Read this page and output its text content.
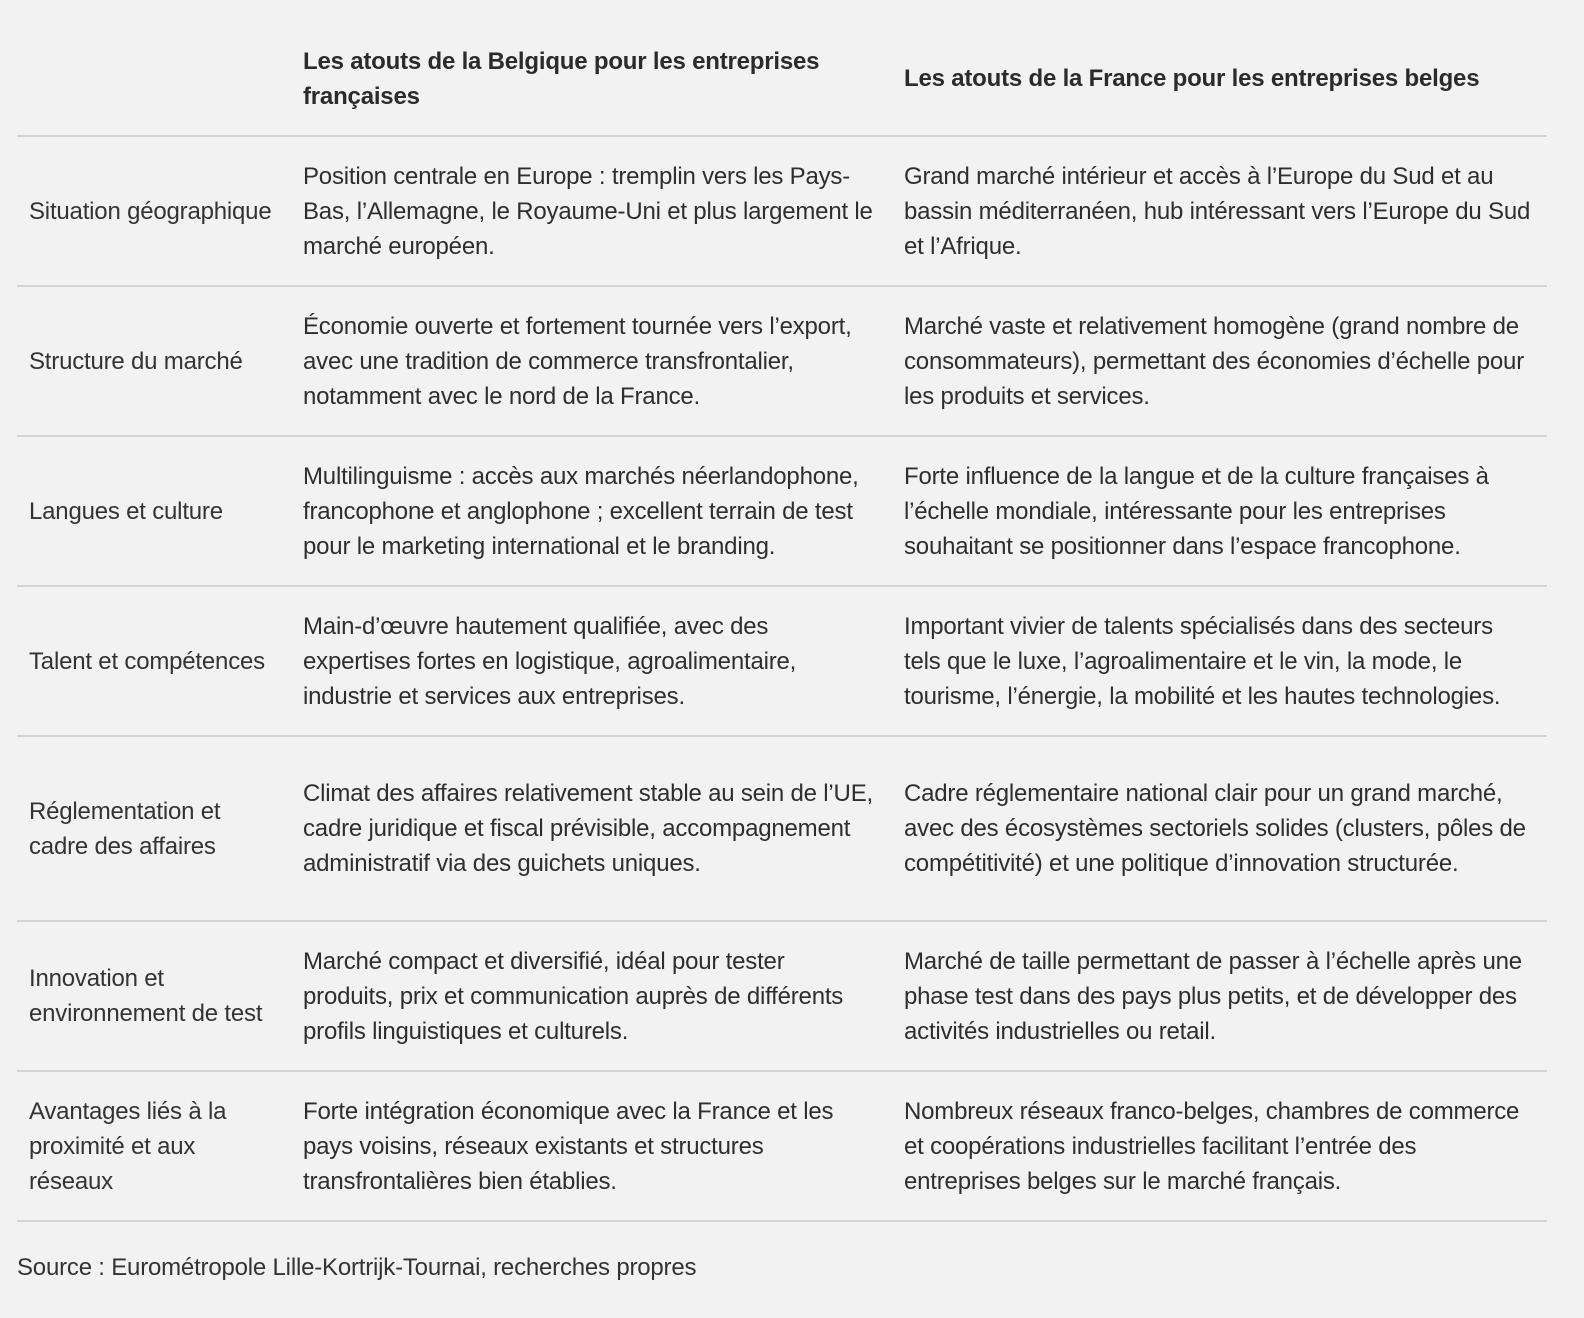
	Les atouts de la Belgique pour les entreprises françaises	Les atouts de la France pour les entreprises belges
Situation géographique	Position centrale en Europe : tremplin vers les Pays-Bas, l’Allemagne, le Royaume-Uni et plus largement le marché européen.	Grand marché intérieur et accès à l’Europe du Sud et au bassin méditerranéen, hub intéressant vers l’Europe du Sud et l’Afrique.
Structure du marché	Économie ouverte et fortement tournée vers l’export, avec une tradition de commerce transfrontalier, notamment avec le nord de la France.	Marché vaste et relativement homogène (grand nombre de consommateurs), permettant des économies d’échelle pour les produits et services.
Langues et culture	Multilinguisme : accès aux marchés néerlandophone, francophone et anglophone ; excellent terrain de test pour le marketing international et le branding.	Forte influence de la langue et de la culture françaises à l’échelle mondiale, intéressante pour les entreprises souhaitant se positionner dans l’espace francophone.
Talent et compétences	Main-d’œuvre hautement qualifiée, avec des expertises fortes en logistique, agroalimentaire, industrie et services aux entreprises.	Important vivier de talents spécialisés dans des secteurs tels que le luxe, l’agroalimentaire et le vin, la mode, le tourisme, l’énergie, la mobilité et les hautes technologies.
Réglementation et cadre des affaires	Climat des affaires relativement stable au sein de l’UE, cadre juridique et fiscal prévisible, accompagnement administratif via des guichets uniques.	Cadre réglementaire national clair pour un grand marché, avec des écosystèmes sectoriels solides (clusters, pôles de compétitivité) et une politique d’innovation structurée.
Innovation et environnement de test	Marché compact et diversifié, idéal pour tester produits, prix et communication auprès de différents profils linguistiques et culturels.	Marché de taille permettant de passer à l’échelle après une phase test dans des pays plus petits, et de développer des activités industrielles ou retail.
Avantages liés à la proximité et aux réseaux	Forte intégration économique avec la France et les pays voisins, réseaux existants et structures transfrontalières bien établies.	Nombreux réseaux franco-belges, chambres de commerce et coopérations industrielles facilitant l’entrée des entreprises belges sur le marché français.
Source : Eurométropole Lille-Kortrijk-Tournai, recherches propres
